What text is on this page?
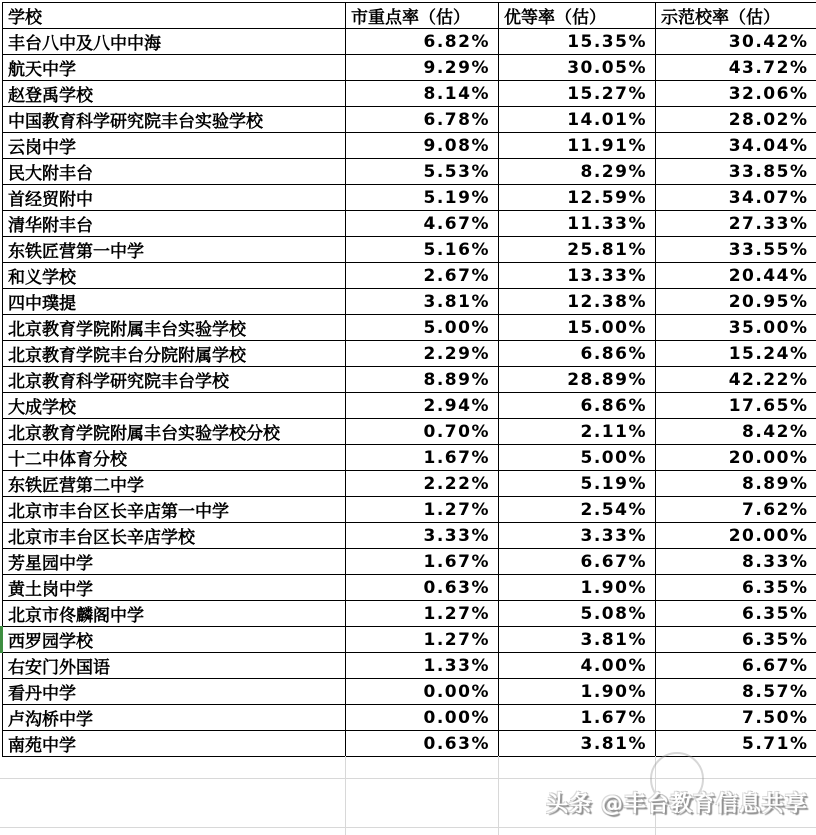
学校	市重点率（估）	优等率（估）	示范校率（估）
丰台八中及八中中海	6.82%	15.35%	30.42%
航天中学	9.29%	30.05%	43.72%
赵登禹学校	8.14%	15.27%	32.06%
中国教育科学研究院丰台实验学校	6.78%	14.01%	28.02%
云岗中学	9.08%	11.91%	34.04%
民大附丰台	5.53%	8.29%	33.85%
首经贸附中	5.19%	12.59%	34.07%
清华附丰台	4.67%	11.33%	27.33%
东铁匠营第一中学	5.16%	25.81%	33.55%
和义学校	2.67%	13.33%	20.44%
四中璞提	3.81%	12.38%	20.95%
北京教育学院附属丰台实验学校	5.00%	15.00%	35.00%
北京教育学院丰台分院附属学校	2.29%	6.86%	15.24%
北京教育科学研究院丰台学校	8.89%	28.89%	42.22%
大成学校	2.94%	6.86%	17.65%
北京教育学院附属丰台实验学校分校	0.70%	2.11%	8.42%
十二中体育分校	1.67%	5.00%	20.00%
东铁匠营第二中学	2.22%	5.19%	8.89%
北京市丰台区长辛店第一中学	1.27%	2.54%	7.62%
北京市丰台区长辛店学校	3.33%	3.33%	20.00%
芳星园中学	1.67%	6.67%	8.33%
黄土岗中学	0.63%	1.90%	6.35%
北京市佟麟阁中学	1.27%	5.08%	6.35%
西罗园学校	1.27%	3.81%	6.35%
右安门外国语	1.33%	4.00%	6.67%
看丹中学	0.00%	1.90%	8.57%
卢沟桥中学	0.00%	1.67%	7.50%
南苑中学	0.63%	3.81%	5.71%
头条 @丰台教育信息共享
